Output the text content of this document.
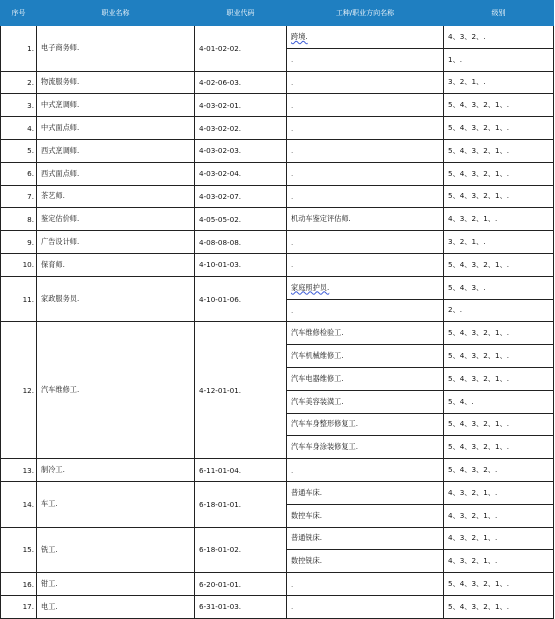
序号	职业名称	职业代码	工种/职业方向名称	级别
1.	电子商务师.	4-01-02-02.	跨境.	4、3、2、.
			.	1、.
2.	物流服务师.	4-02-06-03.	.	3、2、1、.
3.	中式烹调师.	4-03-02-01.	.	5、4、3、2、1、.
4.	中式面点师.	4-03-02-02.	.	5、4、3、2、1、.
5.	西式烹调师.	4-03-02-03.	.	5、4、3、2、1、.
6.	西式面点师.	4-03-02-04.	.	5、4、3、2、1、.
7.	茶艺师.	4-03-02-07.	.	5、4、3、2、1、.
8.	鉴定估价师.	4-05-05-02.	机动车鉴定评估师.	4、3、2、1、.
9.	广告设计师.	4-08-08-08.	.	3、2、1、.
10.	保育师.	4-10-01-03.	.	5、4、3、2、1、.
11.	家政服务员.	4-10-01-06.	家庭照护员.	5、4、3、.
			.	2、.
12.	汽车维修工.	4-12-01-01.	汽车维修检验工.	5、4、3、2、1、.
			汽车机械维修工.	5、4、3、2、1、.
			汽车电器维修工.	5、4、3、2、1、.
			汽车美容装潢工.	5、4、.
			汽车车身整形修复工.	5、4、3、2、1、.
			汽车车身涂装修复工.	5、4、3、2、1、.
13.	制冷工.	6-11-01-04.	.	5、4、3、2、.
14.	车工.	6-18-01-01.	普通车床.	4、3、2、1、.
			数控车床.	4、3、2、1、.
15.	铣工.	6-18-01-02.	普通铣床.	4、3、2、1、.
			数控铣床.	4、3、2、1、.
16.	钳工.	6-20-01-01.	.	5、4、3、2、1、.
17.	电工.	6-31-01-03.	.	5、4、3、2、1、.
